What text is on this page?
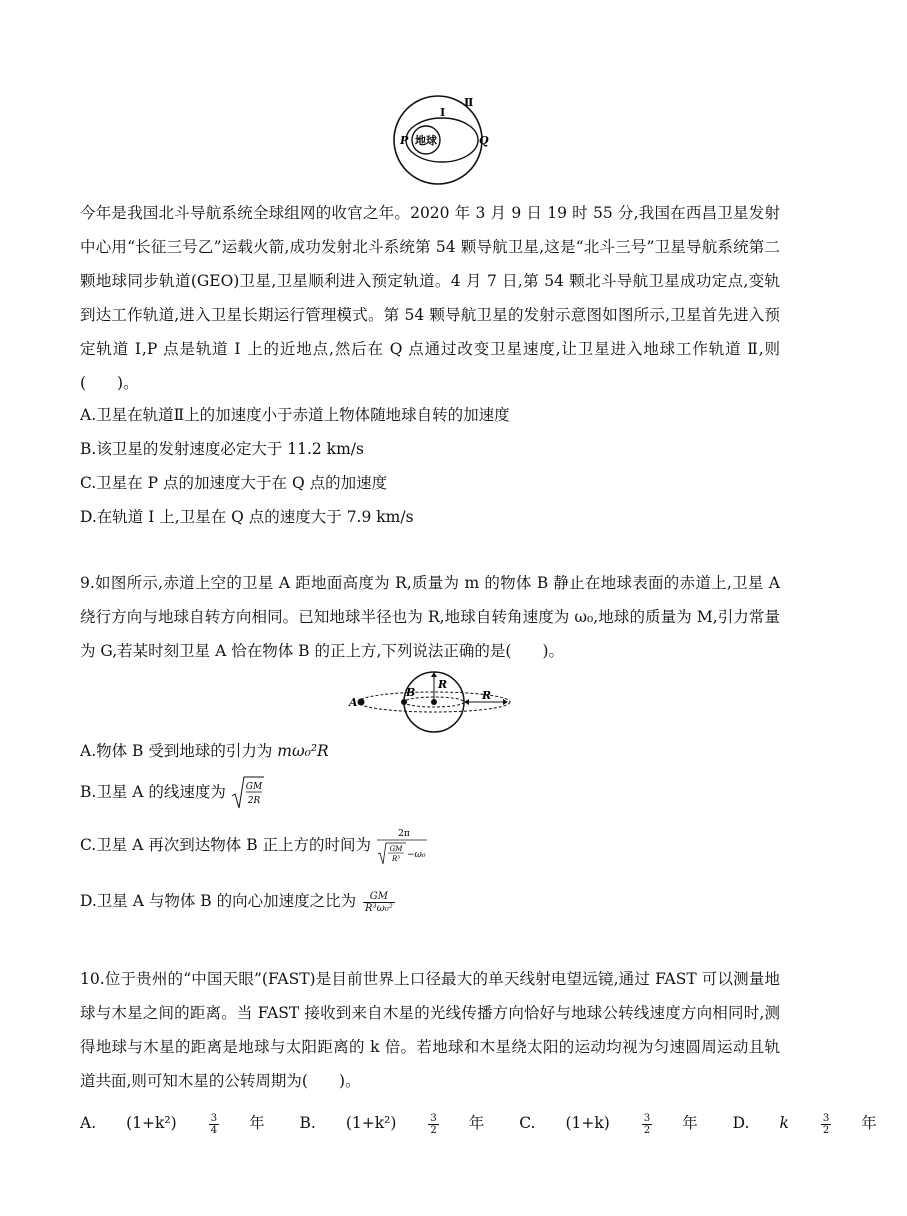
地球
P	Q
I
Ⅱ
今年是我国北斗导航系统全球组网的收官之年。2020 年 3 月 9 日 19 时 55 分,我国在西昌卫星发射中心用“长征三号乙”运载火箭,成功发射北斗系统第 54 颗导航卫星,这是“北斗三号”卫星导航系统第二颗地球同步轨道(GEO)卫星,卫星顺利进入预定轨道。4 月 7 日,第 54 颗北斗导航卫星成功定点,变轨到达工作轨道,进入卫星长期运行管理模式。第 54 颗导航卫星的发射示意图如图所示,卫星首先进入预定轨道 Ⅰ,P 点是轨道 Ⅰ 上的近地点,然后在 Q 点通过改变卫星速度,让卫星进入地球工作轨道 Ⅱ,则(　　)。
A.卫星在轨道Ⅱ上的加速度小于赤道上物体随地球自转的加速度
B.该卫星的发射速度必定大于 11.2 km/s
C.卫星在 P 点的加速度大于在 Q 点的加速度
D.在轨道 Ⅰ 上,卫星在 Q 点的速度大于 7.9 km/s
9.如图所示,赤道上空的卫星 A 距地面高度为 R,质量为 m 的物体 B 静止在地球表面的赤道上,卫星 A 绕行方向与地球自转方向相同。已知地球半径也为 R,地球自转角速度为 ω₀,地球的质量为 M,引力常量为 G,若某时刻卫星 A 恰在物体 B 的正上方,下列说法正确的是(　　)。
A
B
R
R
A.物体 B 受到地球的引力为 mω₀²R
B.卫星 A 的线速度为 GM
2R
C.卫星 A 再次到达物体 B 正上方的时间为
2π
GM
R³ −ω₀
D.卫星 A 与物体 B 的向心加速度之比为 $\frac{GM}{\text{R³ω₀²}}$
10.位于贵州的“中国天眼”(FAST)是目前世界上口径最大的单天线射电望远镜,通过 FAST 可以测量地球与木星之间的距离。当 FAST 接收到来自木星的光线传播方向恰好与地球公转线速度方向相同时,测得地球与木星的距离是地球与太阳距离的 k 倍。若地球和木星绕太阳的运动均视为匀速圆周运动且轨道共面,则可知木星的公转周期为(　　)。
A. (1+k²)	$\frac{3}{4}$ 年 B. (1+k²)	$\frac{3}{2}$ 年 C. (1+k)	$\frac{3}{2}$ 年 D. k	$\frac{3}{2}$ 年
